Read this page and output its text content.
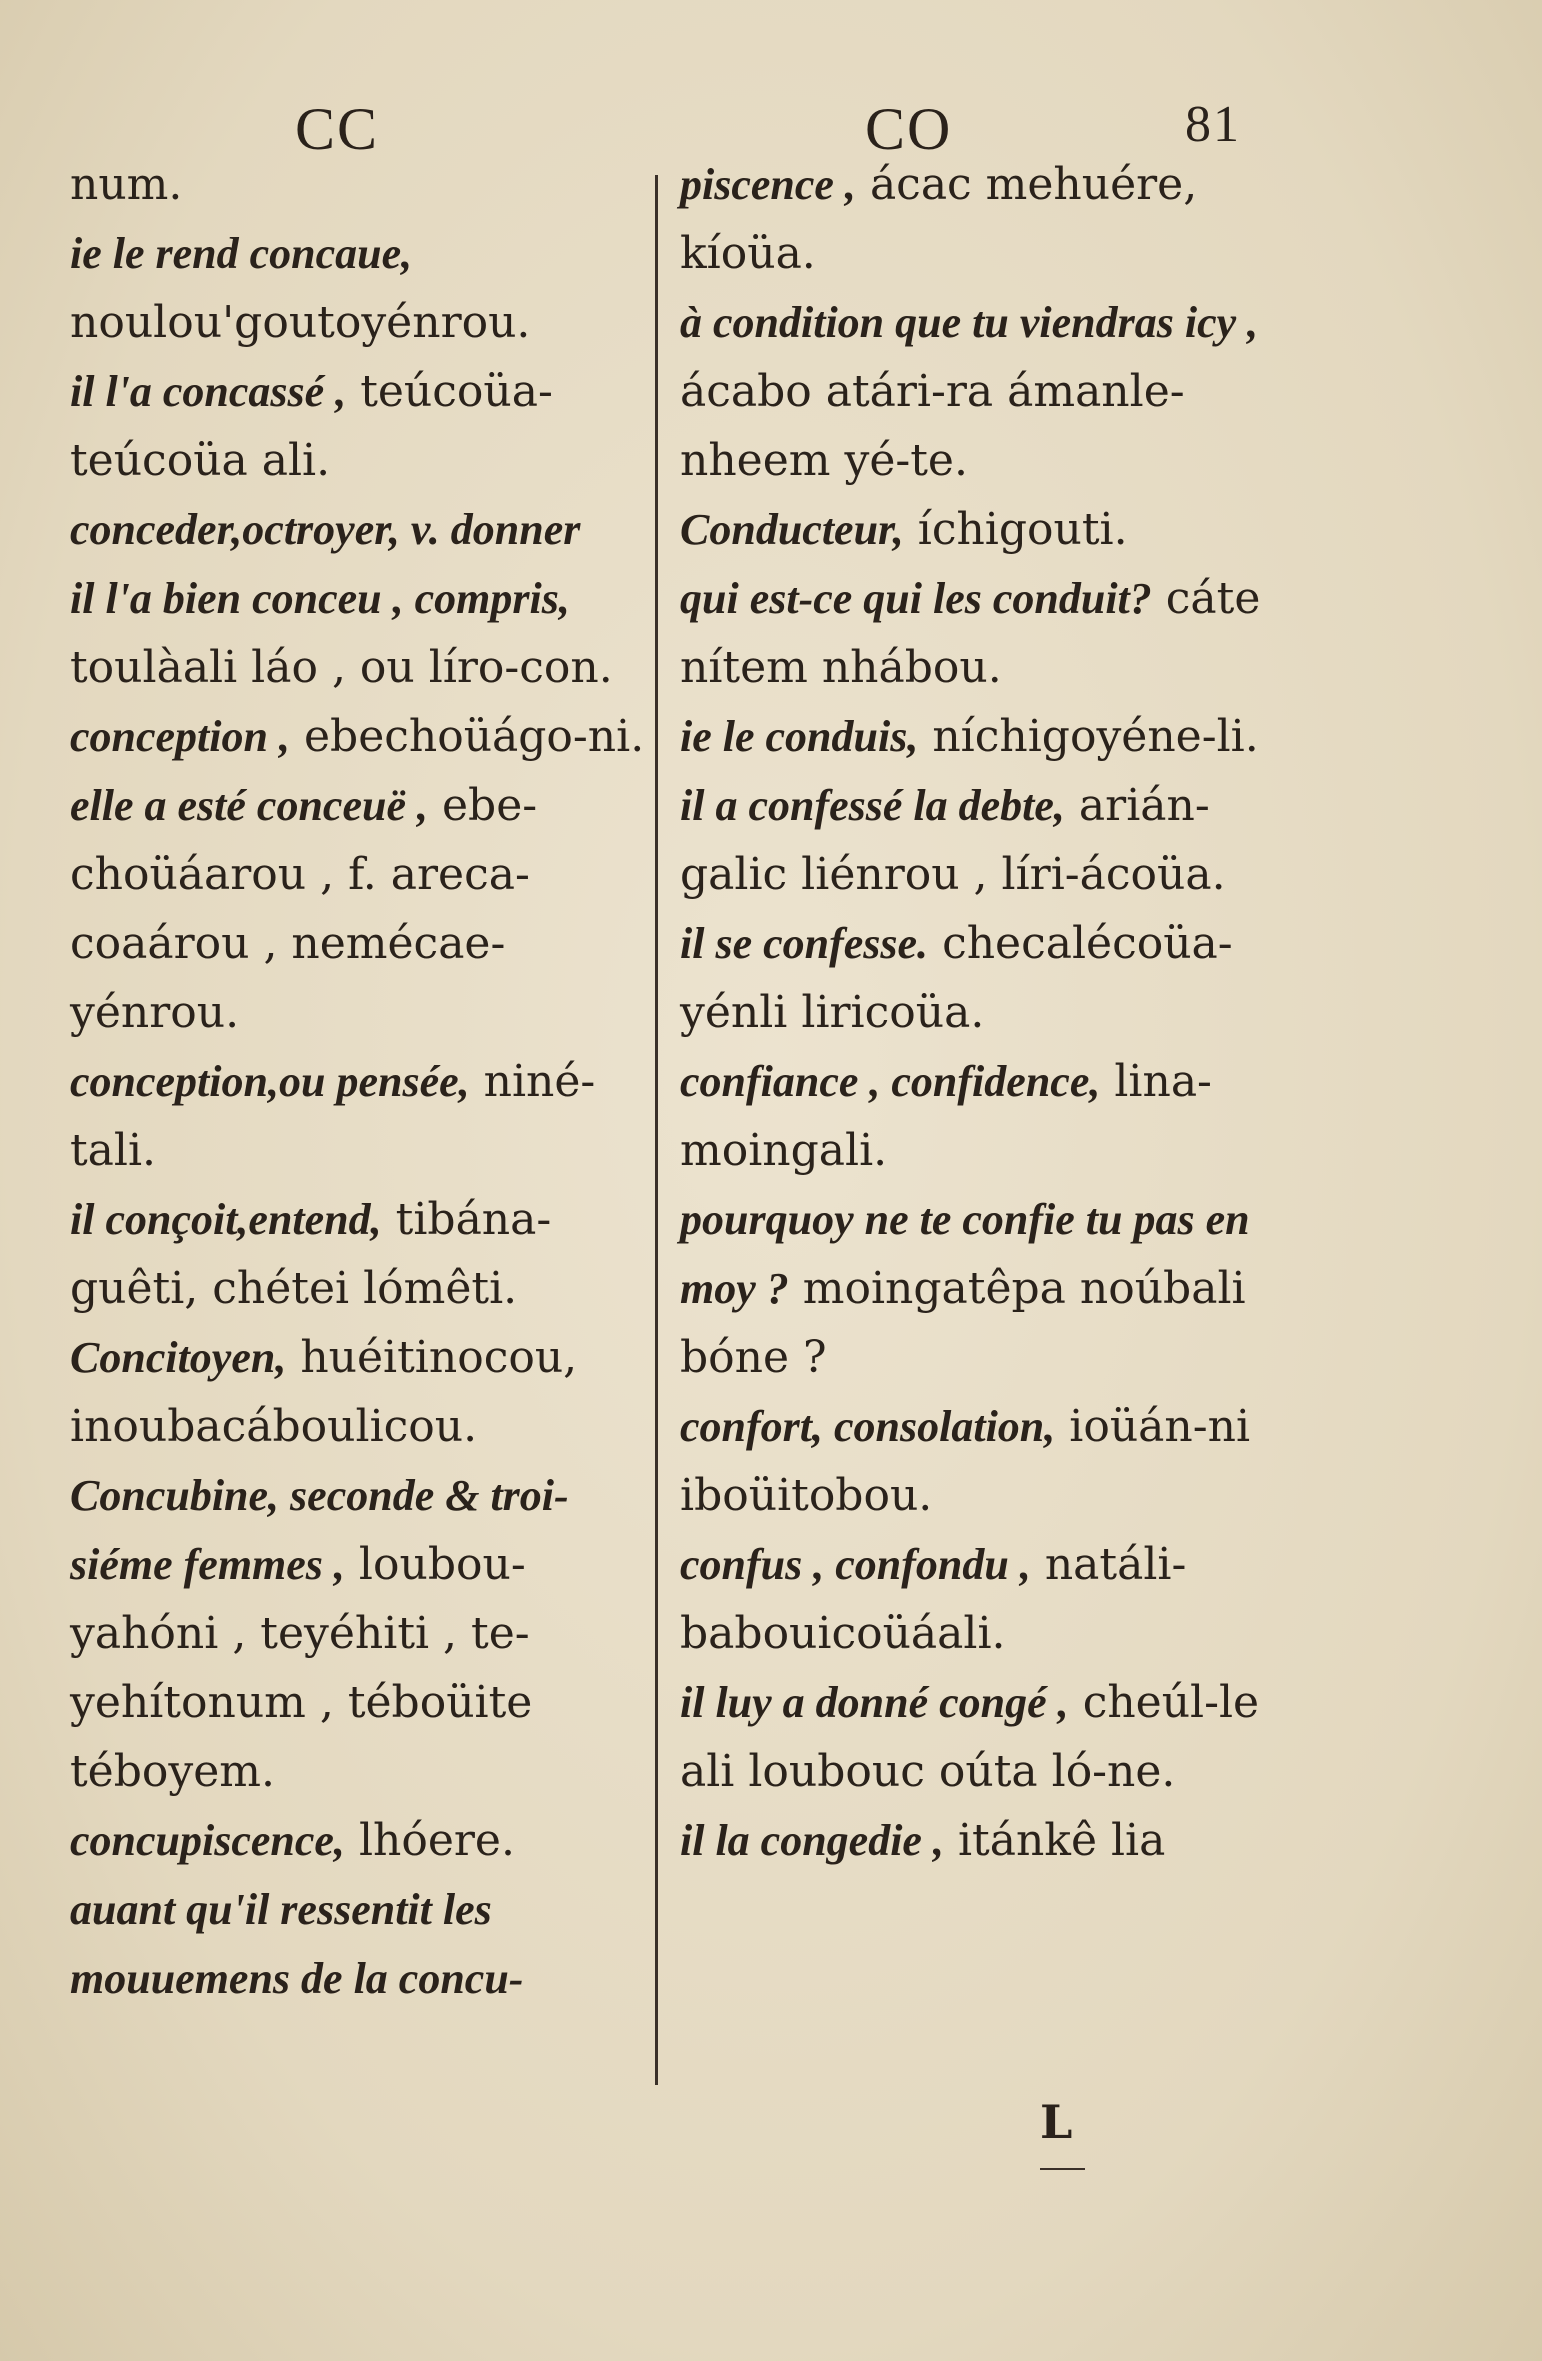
CC	CO	81
num.
ie le rend concaue, noulouꞌgoutoyénrou.
il l'a concassé , teúcoüa-teúcoüa ali.
conceder,octroyer, v. donner
il l'a bien conceu , compris, toulàali láo , ou líro-con.
conception , ebechoüágo-ni.
elle a esté conceuë , ebe-choüáarou , f. areca-coaárou , nemécae-yénrou.
conception,ou pensée, niné-tali.
il conçoit,entend, tibána-guêti, chétei lómêti.
Concitoyen, huéitinocou, inoubacáboulicou.
Concubine, seconde & troi-siéme femmes , loubou-yahóni , teyéhiti , te-yehítonum , téboüite téboyem.
concupiscence, lhóere.
auant qu'il ressentit les mouuemens de la concu-
piscence , ácac mehuére, kíoüa.
à condition que tu viendras icy , ácabo atári-ra ámanle-nheem yé-te.
Conducteur, íchigouti.
qui est-ce qui les conduit? cáte nítem nhábou.
ie le conduis, níchigoyéne-li.
il a confessé la debte, arián-galic liénrou , líri-ácoüa.
il se confesse. checalécoüa-yénli liricoüa.
confiance , confidence, lina-moingali.
pourquoy ne te confie tu pas en moy ? moingatêpa noúbali bóne ?
confort, consolation, ioüán-ni iboüitobou.
confus , confondu , natáli-babouicoüáali.
il luy a donné congé , cheúl-le ali loubouc oúta ló-ne.
il la congedie , itánkê lia
L
